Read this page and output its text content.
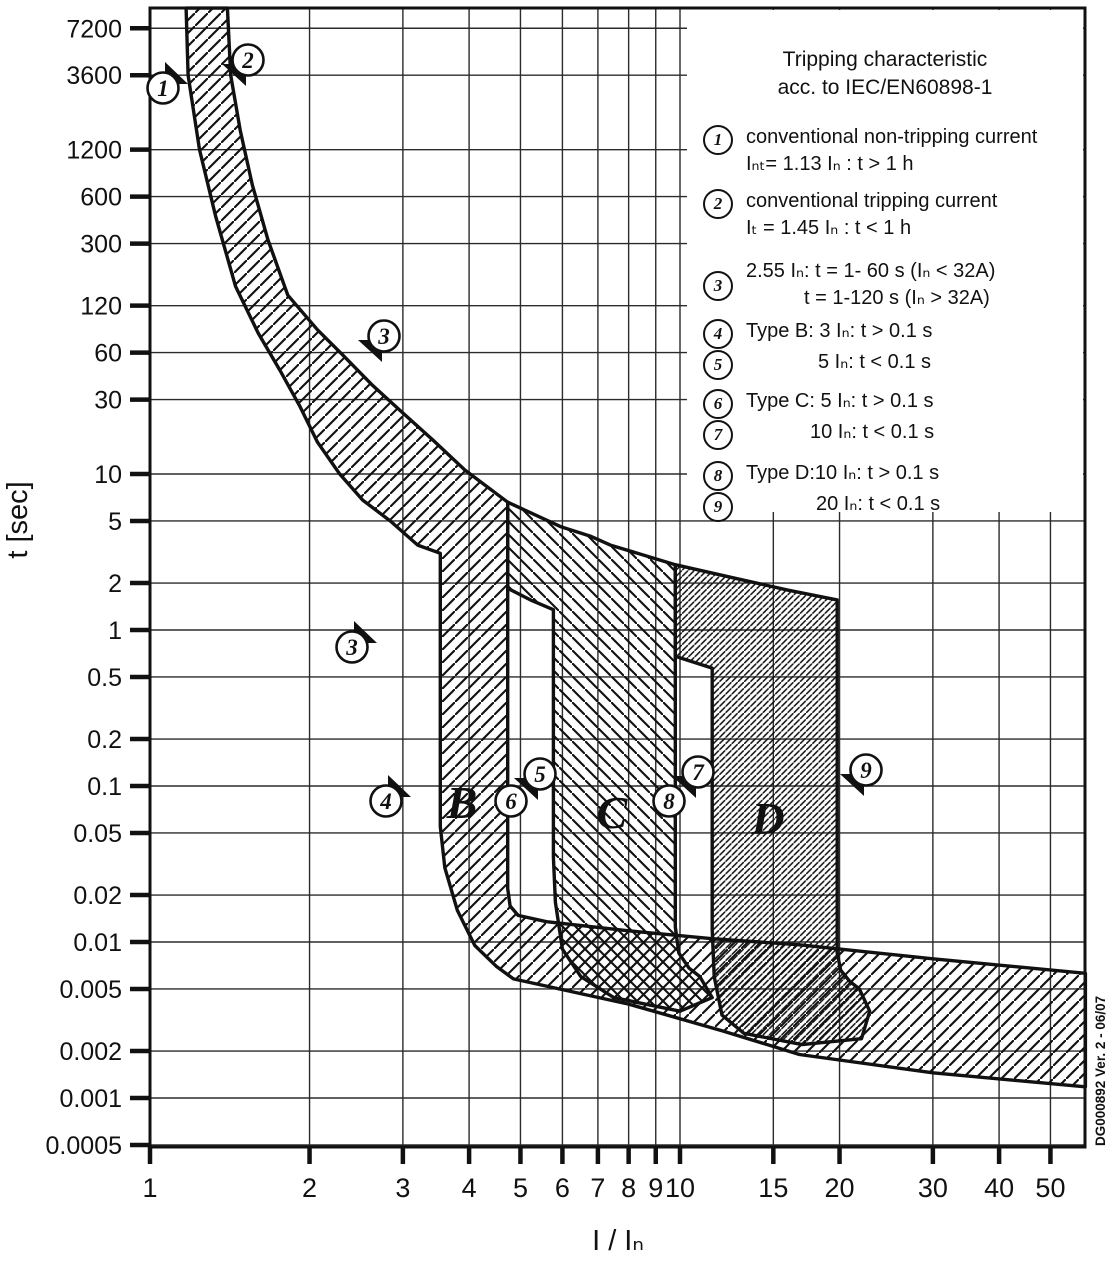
7200
3600
1200
600
300
120
60
30
10
5
2
1
0.5
0.2
0.1
0.05
0.02
0.01
0.005
0.002
0.001
0.0005
1	2	3 4 5 6 7 8 9 10 15 20 30 40 50
B	C	D
1
2
3
3
4
5
6
7
8
9
t [sec]
I / Iₙ
DG000892 Ver. 2 - 06/07
Tripping characteristic
acc. to IEC/EN60898-1
1	conventional non-tripping current
Iₙₜ= 1.13 Iₙ : t > 1 h
2	conventional tripping current
Iₜ = 1.45 Iₙ : t < 1 h
3
2.55 Iₙ: t = 1- 60 s (Iₙ < 32A)
t = 1-120 s (Iₙ > 32A)
4	Type B: 3 Iₙ: t > 0.1 s
5	5 Iₙ: t < 0.1 s
6	Type C: 5 Iₙ: t > 0.1 s
7	10 Iₙ: t < 0.1 s
8	Type D:10 Iₙ: t > 0.1 s
9	20 Iₙ: t < 0.1 s
